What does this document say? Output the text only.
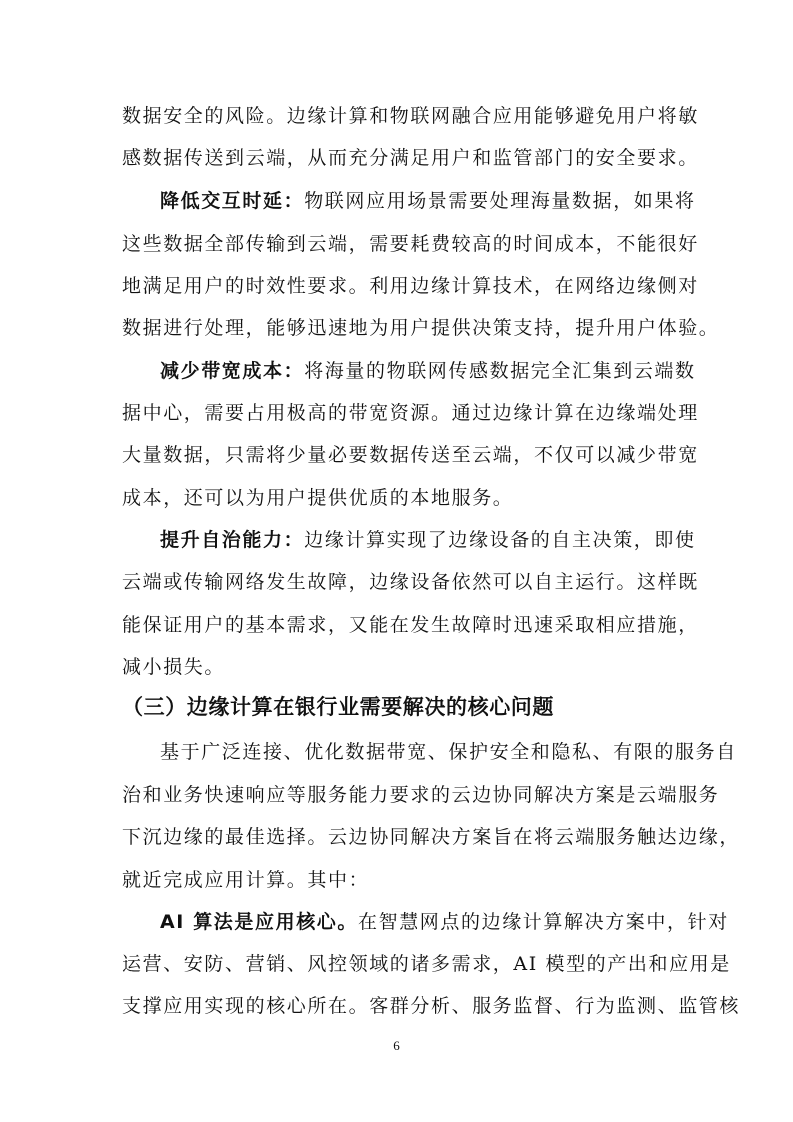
数据安全的风险。边缘计算和物联网融合应用能够避免用户将敏
感数据传送到云端，从而充分满足用户和监管部门的安全要求。
降低交互时延：物联网应用场景需要处理海量数据，如果将
这些数据全部传输到云端，需要耗费较高的时间成本，不能很好
地满足用户的时效性要求。利用边缘计算技术，在网络边缘侧对
数据进行处理，能够迅速地为用户提供决策支持，提升用户体验。
减少带宽成本：将海量的物联网传感数据完全汇集到云端数
据中心，需要占用极高的带宽资源。通过边缘计算在边缘端处理
大量数据，只需将少量必要数据传送至云端，不仅可以减少带宽
成本，还可以为用户提供优质的本地服务。
提升自治能力：边缘计算实现了边缘设备的自主决策，即使
云端或传输网络发生故障，边缘设备依然可以自主运行。这样既
能保证用户的基本需求，又能在发生故障时迅速采取相应措施，
减小损失。
（三）边缘计算在银行业需要解决的核心问题
基于广泛连接、优化数据带宽、保护安全和隐私、有限的服务自
治和业务快速响应等服务能力要求的云边协同解决方案是云端服务
下沉边缘的最佳选择。云边协同解决方案旨在将云端服务触达边缘，
就近完成应用计算。其中：
AI 算法是应用核心。在智慧网点的边缘计算解决方案中，针对
运营、安防、营销、风控领域的诸多需求，AI 模型的产出和应用是
支撑应用实现的核心所在。客群分析、服务监督、行为监测、监管核
6
